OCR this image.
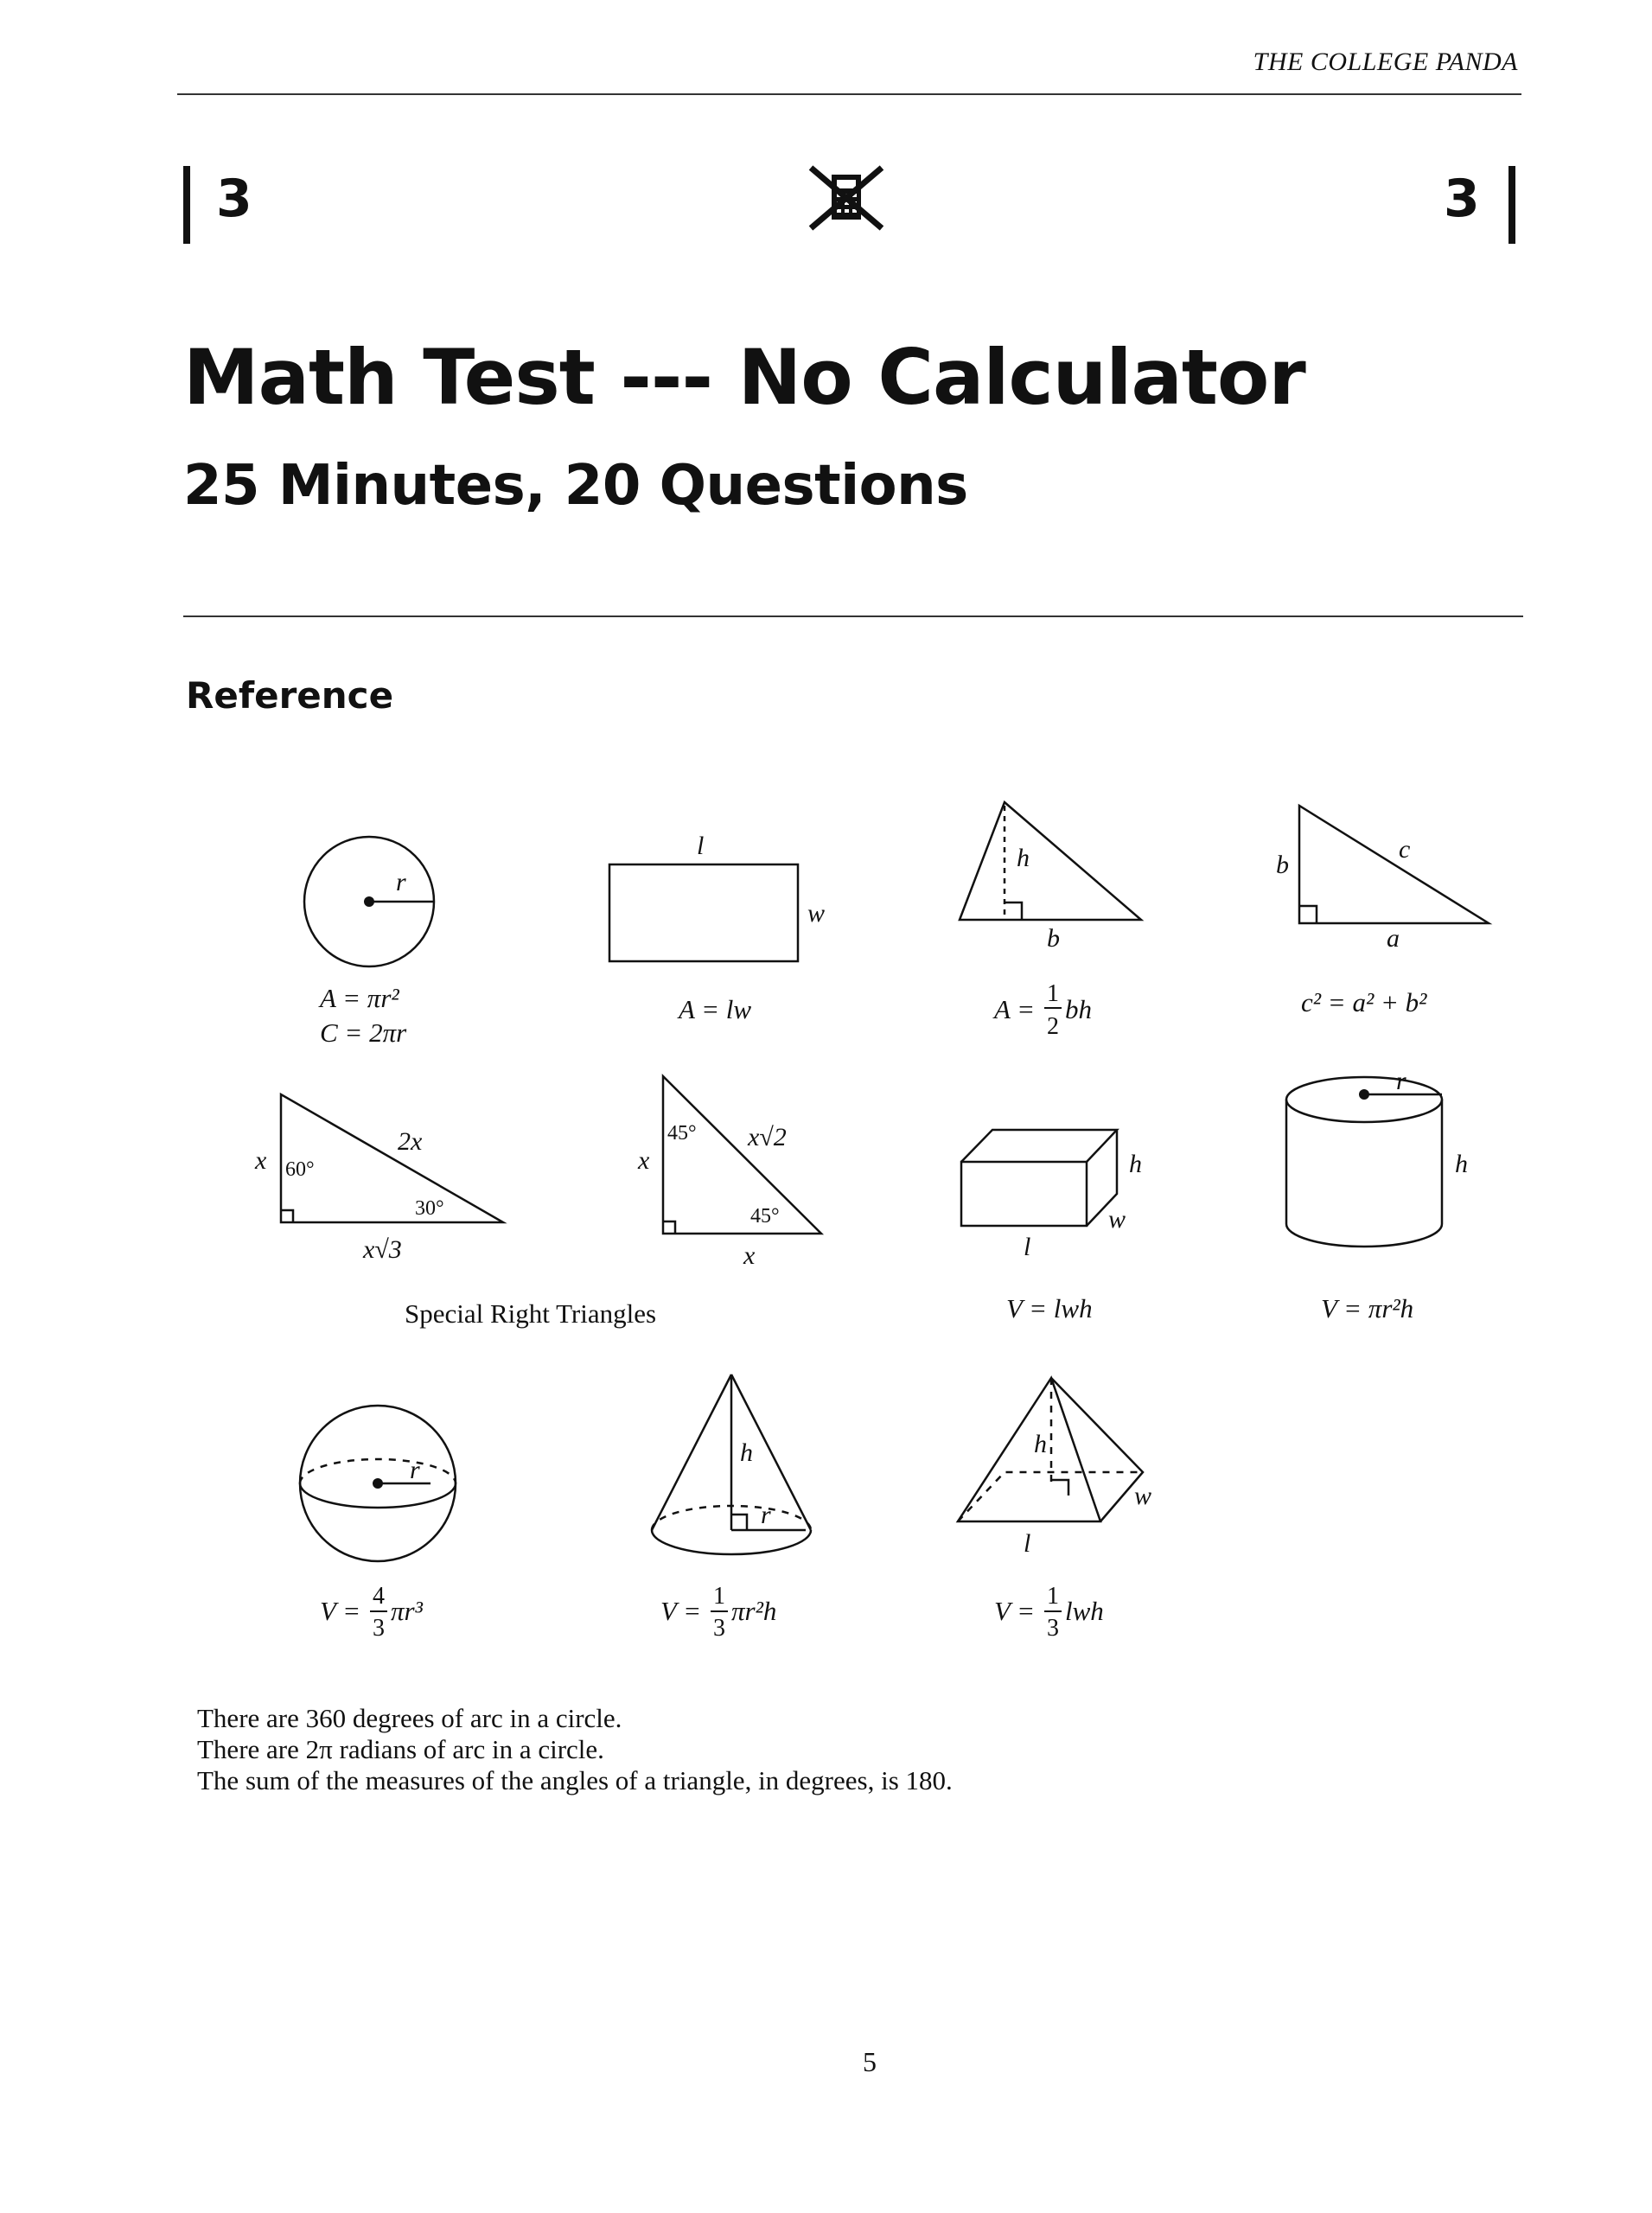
THE COLLEGE PANDA
3	3
Math Test --- No Calculator
25 Minutes, 20 Questions
Reference
r
l
w
h
b
b
c
a
x
2x
x√3
x
x
x√2
h
w
l
r
h
r
h
r
h
w
l
60°
30°
45°
45°
A = πr²
C = 2πr
A = lw	c² = a² + b²
V = lwh	V = πr²h
A = bh
V = πr³	V = πr²h	V = lwh
1
2
4
3
1
3
1
3
Special Right Triangles
There are 360 degrees of arc in a circle.
There are 2π radians of arc in a circle.
The sum of the measures of the angles of a triangle, in degrees, is 180.
5
